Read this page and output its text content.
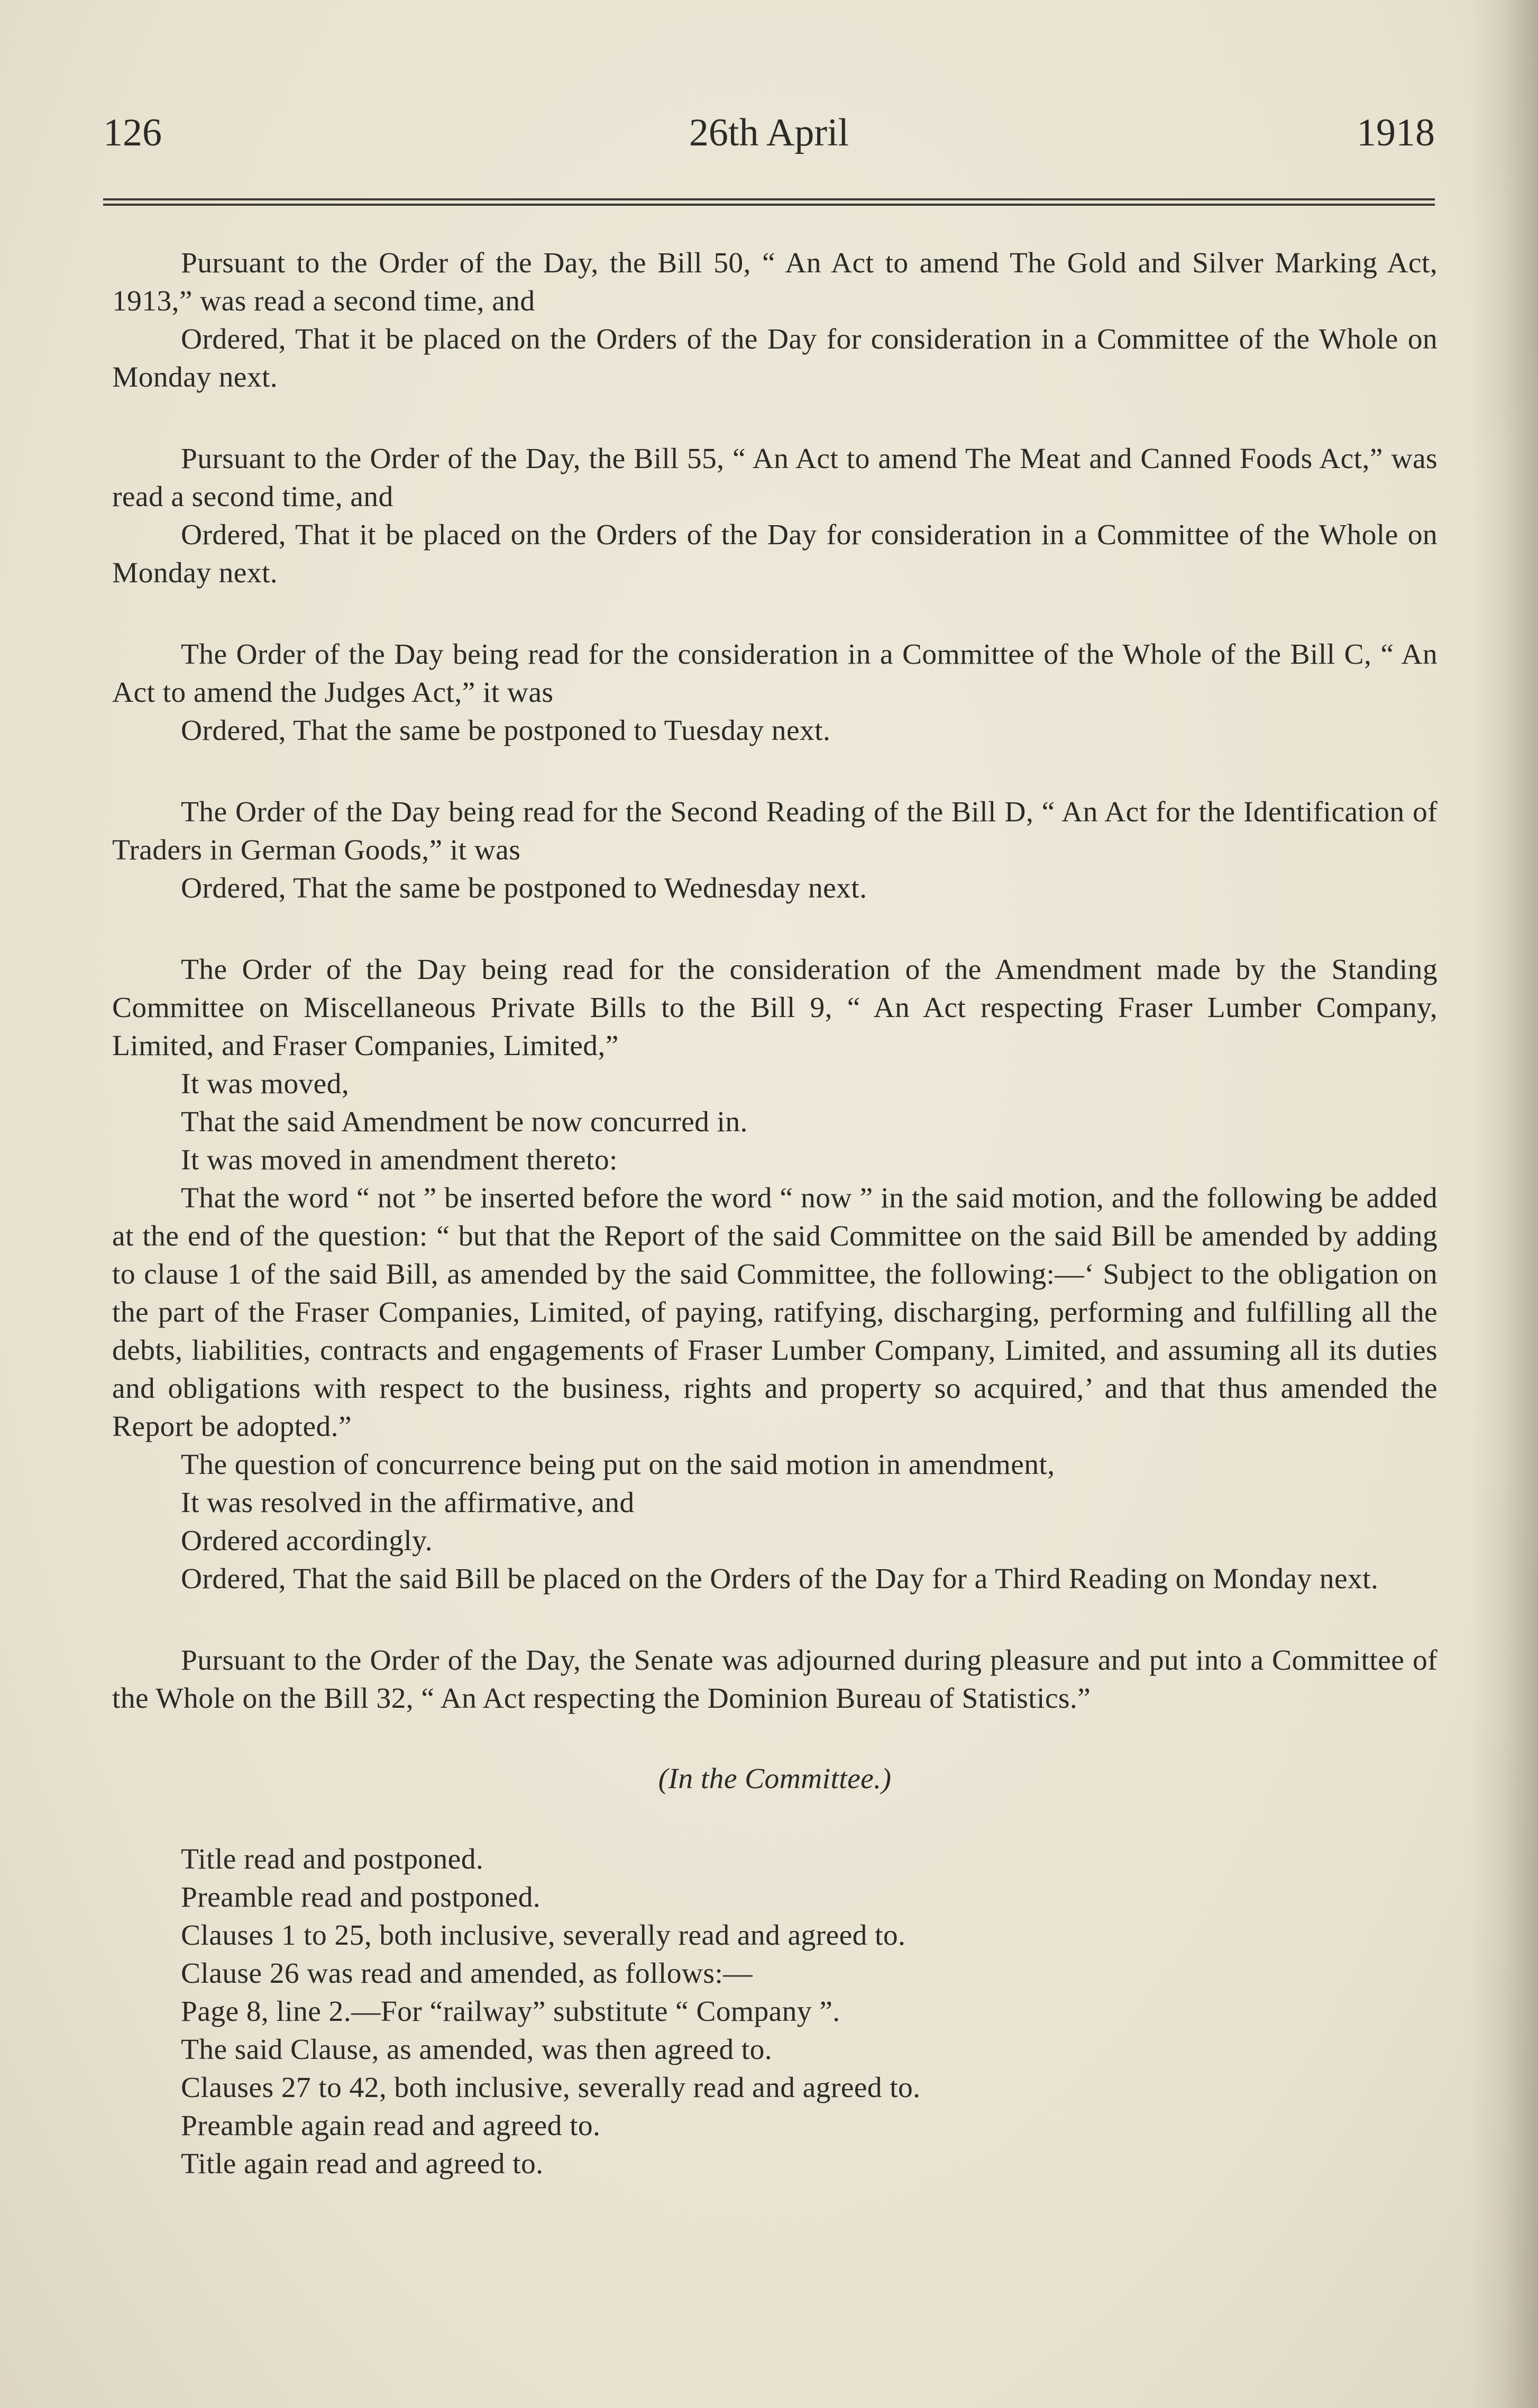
126	26th April	1918

Pursuant to the Order of the Day, the Bill 50, “ An Act to amend The Gold and Silver Marking Act, 1913,” was read a second time, and

Ordered, That it be placed on the Orders of the Day for consideration in a Committee of the Whole on Monday next.

Pursuant to the Order of the Day, the Bill 55, “ An Act to amend The Meat and Canned Foods Act,” was read a second time, and

Ordered, That it be placed on the Orders of the Day for consideration in a Committee of the Whole on Monday next.

The Order of the Day being read for the consideration in a Committee of the Whole of the Bill C, “ An Act to amend the Judges Act,” it was

Ordered, That the same be postponed to Tuesday next.

The Order of the Day being read for the Second Reading of the Bill D, “ An Act for the Identification of Traders in German Goods,” it was

Ordered, That the same be postponed to Wednesday next.

The Order of the Day being read for the consideration of the Amendment made by the Standing Committee on Miscellaneous Private Bills to the Bill 9, “ An Act respecting Fraser Lumber Company, Limited, and Fraser Companies, Limited,”

It was moved,

That the said Amendment be now concurred in.

It was moved in amendment thereto:

That the word “ not ” be inserted before the word “ now ” in the said motion, and the following be added at the end of the question: “ but that the Report of the said Committee on the said Bill be amended by adding to clause 1 of the said Bill, as amended by the said Committee, the following:—‘ Subject to the obligation on the part of the Fraser Companies, Limited, of paying, ratifying, discharging, performing and fulfilling all the debts, liabilities, contracts and engagements of Fraser Lumber Company, Limited, and assuming all its duties and obligations with respect to the business, rights and property so acquired,’ and that thus amended the Report be adopted.”

The question of concurrence being put on the said motion in amendment,

It was resolved in the affirmative, and

Ordered accordingly.

Ordered, That the said Bill be placed on the Orders of the Day for a Third Reading on Monday next.

Pursuant to the Order of the Day, the Senate was adjourned during pleasure and put into a Committee of the Whole on the Bill 32, “ An Act respecting the Dominion Bureau of Statistics.”

(In the Committee.)

Title read and postponed.

Preamble read and postponed.

Clauses 1 to 25, both inclusive, severally read and agreed to.

Clause 26 was read and amended, as follows:—

Page 8, line 2.—For “railway” substitute “ Company ”.

The said Clause, as amended, was then agreed to.

Clauses 27 to 42, both inclusive, severally read and agreed to.

Preamble again read and agreed to.

Title again read and agreed to.
